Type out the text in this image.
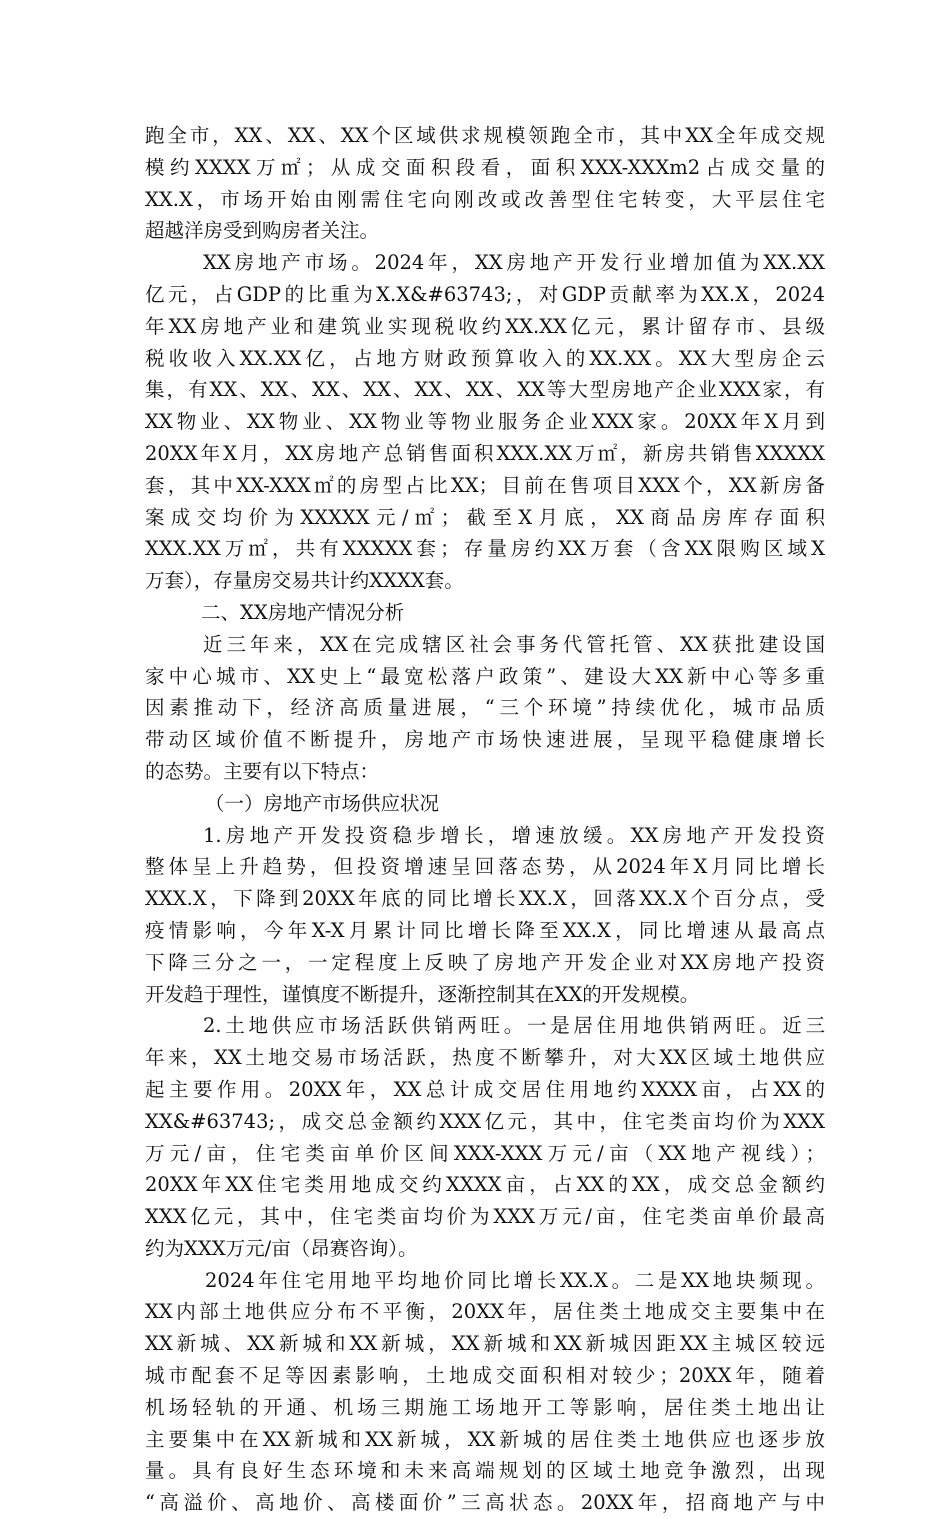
跑全市，XX、XX、XX个区域供求规模领跑全市，其中XX全年成交规
模约XXXX万㎡；从成交面积段看，面积XXX-XXXm2占成交量的
XX.X，市场开始由刚需住宅向刚改或改善型住宅转变，大平层住宅
超越洋房受到购房者关注。
XX房地产市场。2024年，XX房地产开发行业增加值为XX.XX
亿元，占GDP的比重为X.X&#63743;，对GDP贡献率为XX.X，2024
年XX房地产业和建筑业实现税收约XX.XX亿元，累计留存市、县级
税收收入XX.XX亿，占地方财政预算收入的XX.XX。XX大型房企云
集，有XX、XX、XX、XX、XX、XX、XX等大型房地产企业XXX家，有
XX物业、XX物业、XX物业等物业服务企业XXX家。20XX年X月到
20XX年X月，XX房地产总销售面积XXX.XX万㎡，新房共销售XXXXX
套，其中XX-XXX㎡的房型占比XX；目前在售项目XXX个，XX新房备
案成交均价为XXXXX元/㎡；截至X月底，XX商品房库存面积
XXX.XX万㎡，共有XXXXX套；存量房约XX万套（含XX限购区域X
万套），存量房交易共计约XXXX套。
二、XX房地产情况分析
近三年来，XX在完成辖区社会事务代管托管、XX获批建设国
家中心城市、XX史上“最宽松落户政策”、建设大XX新中心等多重
因素推动下，经济高质量进展，“三个环境”持续优化，城市品质
带动区域价值不断提升，房地产市场快速进展，呈现平稳健康增长
的态势。主要有以下特点：
（一）房地产市场供应状况
1.房地产开发投资稳步增长，增速放缓。XX房地产开发投资
整体呈上升趋势，但投资增速呈回落态势，从2024年X月同比增长
XXX.X，下降到20XX年底的同比增长XX.X，回落XX.X个百分点，受
疫情影响，今年X-X月累计同比增长降至XX.X，同比增速从最高点
下降三分之一，一定程度上反映了房地产开发企业对XX房地产投资
开发趋于理性，谨慎度不断提升，逐渐控制其在XX的开发规模。
2.土地供应市场活跃供销两旺。一是居住用地供销两旺。近三
年来，XX土地交易市场活跃，热度不断攀升，对大XX区域土地供应
起主要作用。20XX年，XX总计成交居住用地约XXXX亩，占XX的
XX&#63743;，成交总金额约XXX亿元，其中，住宅类亩均价为XXX
万元/亩，住宅类亩单价区间XXX-XXX万元/亩（XX地产视线）；
20XX年XX住宅类用地成交约XXXX亩，占XX的XX，成交总金额约
XXX亿元，其中，住宅类亩均价为XXX万元/亩，住宅类亩单价最高
约为XXX万元/亩（昂赛咨询）。
2024年住宅用地平均地价同比增长XX.X。二是XX地块频现。
XX内部土地供应分布不平衡，20XX年，居住类土地成交主要集中在
XX新城、XX新城和XX新城，XX新城和XX新城因距XX主城区较远
城市配套不足等因素影响，土地成交面积相对较少；20XX年，随着
机场轻轨的开通、机场三期施工场地开工等影响，居住类土地出让
主要集中在XX新城和XX新城，XX新城的居住类土地供应也逐步放
量。具有良好生态环境和未来高端规划的区域土地竞争激烈，出现
“高溢价、高地价、高楼面价”三高状态。20XX年，招商地产与中
